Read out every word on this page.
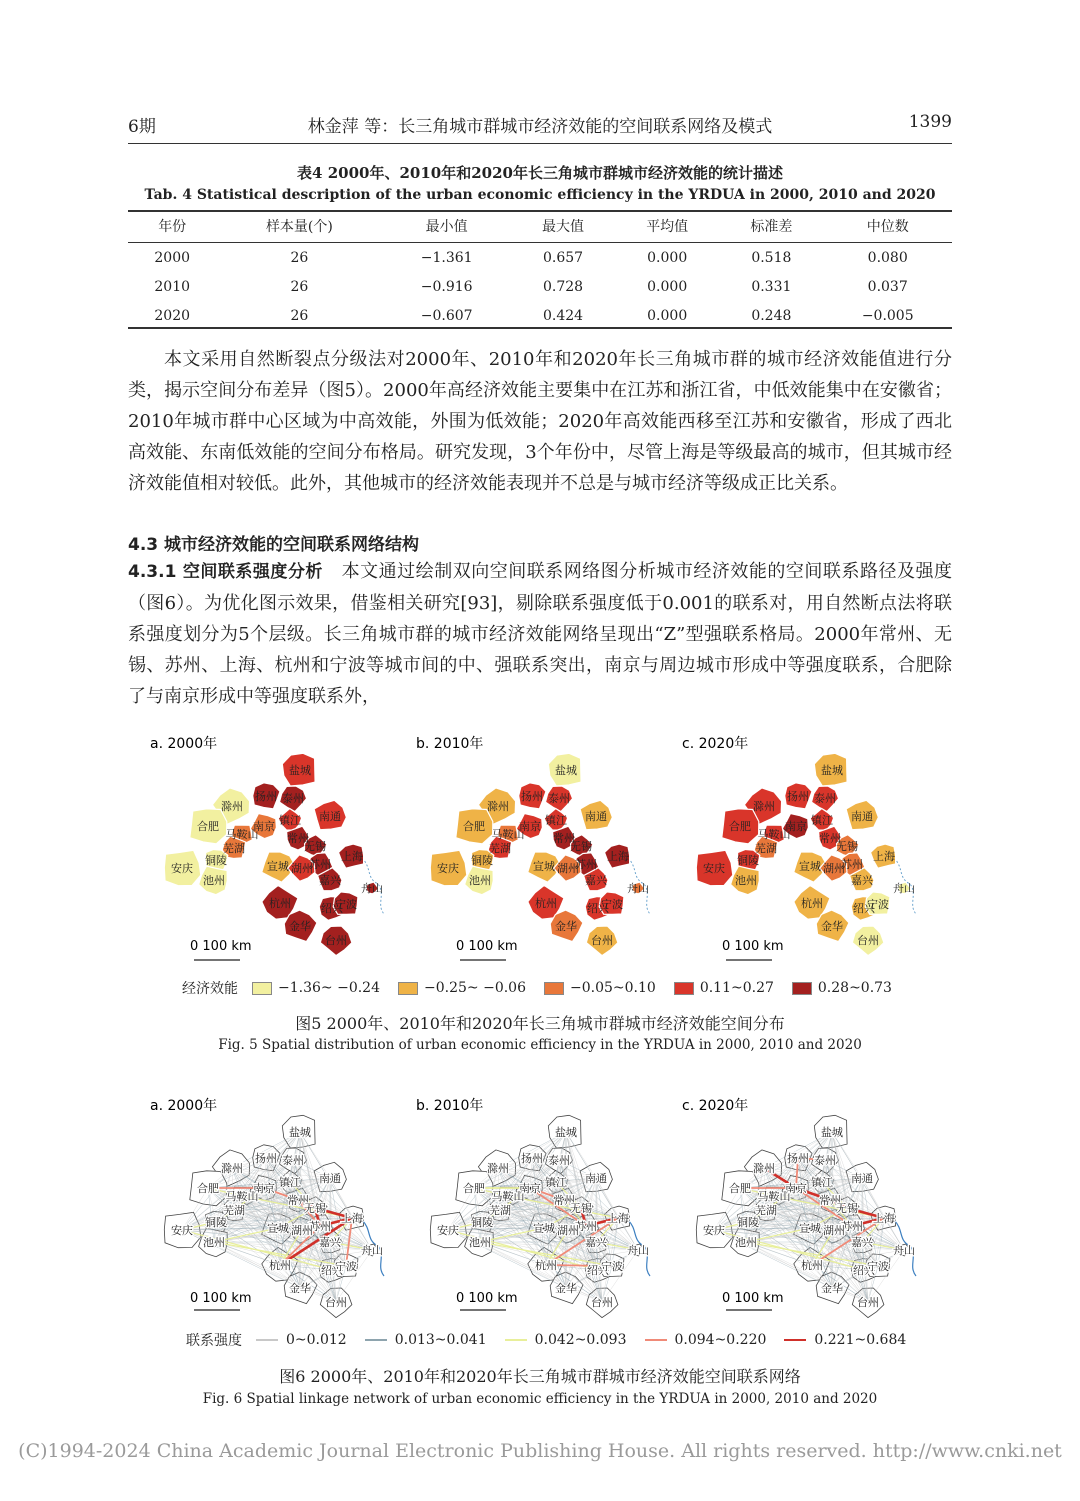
6期	林金萍 等：长三角城市群城市经济效能的空间联系网络及模式	1399
表4 2000年、2010年和2020年长三角城市群城市经济效能的统计描述
Tab. 4 Statistical description of the urban economic efficiency in the YRDUA in 2000, 2010 and 2020
年份	样本量(个)	最小值	最大值	平均值	标准差	中位数
2000	26	−1.361	0.657	0.000	0.518	0.080
2010	26	−0.916	0.728	0.000	0.331	0.037
2020	26	−0.607	0.424	0.000	0.248	−0.005

本文采用自然断裂点分级法对2000年、2010年和2020年长三角城市群的城市经济效能值进行分类，揭示空间分布差异（图5）。2000年高经济效能主要集中在江苏和浙江省，中低效能集中在安徽省；2010年城市群中心区域为中高效能，外围为低效能；2020年高效能西移至江苏和安徽省，形成了西北高效能、东南低效能的空间分布格局。研究发现，3个年份中，尽管上海是等级最高的城市，但其城市经济效能值相对较低。此外，其他城市的经济效能表现并不总是与城市经济等级成正比关系。

4.3 城市经济效能的空间联系网络结构

4.3.1 空间联系强度分析 本文通过绘制双向空间联系网络图分析城市经济效能的空间联系路径及强度（图6）。为优化图示效果，借鉴相关研究[93]，剔除联系强度低于0.001的联系对，用自然断点法将联系强度划分为5个层级。长三角城市群的城市经济效能网络呈现出“Z”型强联系格局。2000年常州、无锡、苏州、上海、杭州和宁波等城市间的中、强联系突出，南京与周边城市形成中等强度联系，合肥除了与南京形成中等强度联系外，

a. 2000年
盐城
扬州 泰州
滁州
南通
合肥	南京 镇江
常州
马鞍山
芜湖	无锡
苏州
上海
铜陵	宣城 湖州
嘉兴
安庆
池州
杭州
舟山
绍兴
宁波
金华
台州
0 100 km
b. 2010年
盐城
扬州 泰州
滁州
南通
合肥	南京 镇江
常州
马鞍山
芜湖	无锡
苏州
上海
铜陵	宣城 湖州
嘉兴
安庆
池州
杭州
舟山
绍兴
宁波
金华
台州
0 100 km
c. 2020年
盐城
扬州 泰州
滁州
南通
合肥	南京 镇江
常州
马鞍山
芜湖	无锡
苏州
上海
铜陵	宣城 湖州
嘉兴
安庆
池州
杭州
舟山
绍兴
宁波
金华
台州
0 100 km
经济效能	−1.36~ −0.24	−0.25~ −0.06	−0.05~0.10	0.11~0.27	0.28~0.73
图5 2000年、2010年和2020年长三角城市群城市经济效能空间分布
Fig. 5 Spatial distribution of urban economic efficiency in the YRDUA in 2000, 2010 and 2020
a. 2000年
盐城
扬州 泰州
滁州
南通
合肥	南京 镇江
常州
马鞍山
芜湖	无锡
苏州
上海
铜陵	宣城 湖州
嘉兴
安庆
池州
杭州
舟山
绍兴
宁波
金华
台州
0 100 km
b. 2010年
盐城
扬州 泰州
滁州
南通
合肥	南京 镇江
常州
马鞍山
芜湖	无锡
苏州
上海
铜陵	宣城 湖州
嘉兴
安庆
池州
杭州
舟山
绍兴
宁波
金华
台州
0 100 km
c. 2020年
盐城
扬州 泰州
滁州
南通
合肥	南京 镇江
常州
马鞍山
芜湖	无锡
苏州
上海
铜陵	宣城 湖州
嘉兴
安庆
池州
杭州
舟山
绍兴
宁波
金华
台州
0 100 km
联系强度	0~0.012	0.013~0.041	0.042~0.093	0.094~0.220	0.221~0.684
图6 2000年、2010年和2020年长三角城市群城市经济效能空间联系网络
Fig. 6 Spatial linkage network of urban economic efficiency in the YRDUA in 2000, 2010 and 2020
(C)1994-2024 China Academic Journal Electronic Publishing House. All rights reserved. http://www.cnki.net
